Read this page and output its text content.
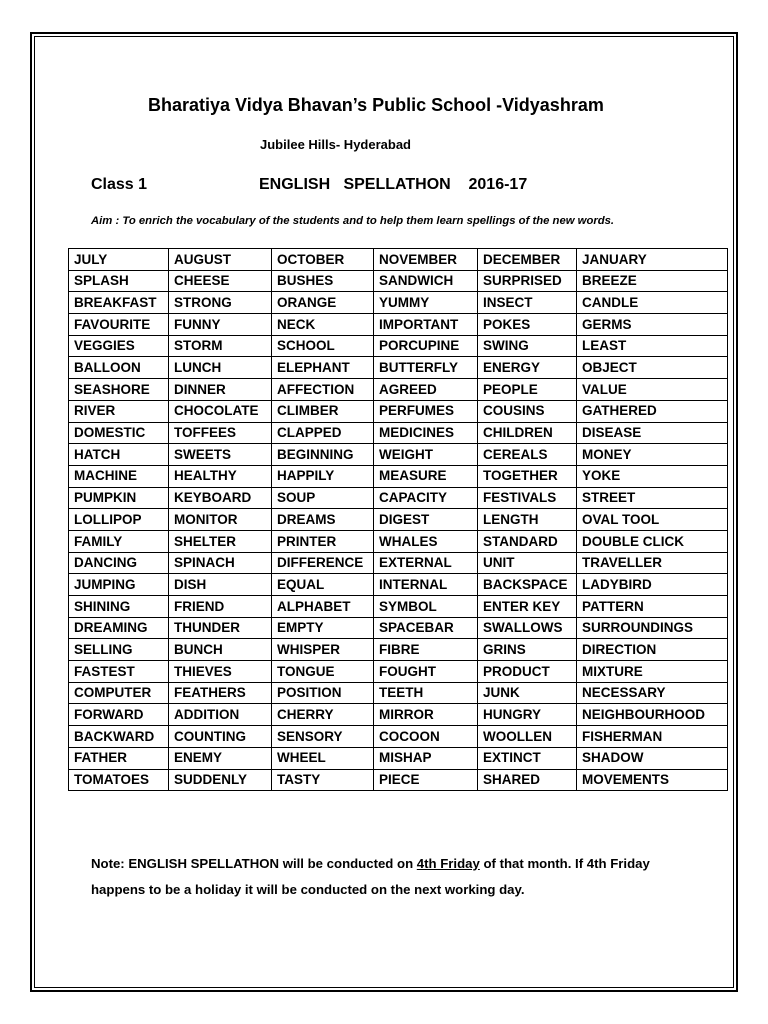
Bharatiya Vidya Bhavan’s Public School -Vidyashram
Jubilee Hills- Hyderabad
Class 1	ENGLISH   SPELLATHON    2016-17
Aim : To enrich the vocabulary of the students and to help them learn spellings of the new words.
JULY	AUGUST	OCTOBER	NOVEMBER	DECEMBER	JANUARY
SPLASH	CHEESE	BUSHES	SANDWICH	SURPRISED	BREEZE
BREAKFAST	STRONG	ORANGE	YUMMY	INSECT	CANDLE
FAVOURITE	FUNNY	NECK	IMPORTANT	POKES	GERMS
VEGGIES	STORM	SCHOOL	PORCUPINE	SWING	LEAST
BALLOON	LUNCH	ELEPHANT	BUTTERFLY	ENERGY	OBJECT
SEASHORE	DINNER	AFFECTION	AGREED	PEOPLE	VALUE
RIVER	CHOCOLATE	CLIMBER	PERFUMES	COUSINS	GATHERED
DOMESTIC	TOFFEES	CLAPPED	MEDICINES	CHILDREN	DISEASE
HATCH	SWEETS	BEGINNING	WEIGHT	CEREALS	MONEY
MACHINE	HEALTHY	HAPPILY	MEASURE	TOGETHER	YOKE
PUMPKIN	KEYBOARD	SOUP	CAPACITY	FESTIVALS	STREET
LOLLIPOP	MONITOR	DREAMS	DIGEST	LENGTH	OVAL TOOL
FAMILY	SHELTER	PRINTER	WHALES	STANDARD	DOUBLE CLICK
DANCING	SPINACH	DIFFERENCE	EXTERNAL	UNIT	TRAVELLER
JUMPING	DISH	EQUAL	INTERNAL	BACKSPACE	LADYBIRD
SHINING	FRIEND	ALPHABET	SYMBOL	ENTER KEY	PATTERN
DREAMING	THUNDER	EMPTY	SPACEBAR	SWALLOWS	SURROUNDINGS
SELLING	BUNCH	WHISPER	FIBRE	GRINS	DIRECTION
FASTEST	THIEVES	TONGUE	FOUGHT	PRODUCT	MIXTURE
COMPUTER	FEATHERS	POSITION	TEETH	JUNK	NECESSARY
FORWARD	ADDITION	CHERRY	MIRROR	HUNGRY	NEIGHBOURHOOD
BACKWARD	COUNTING	SENSORY	COCOON	WOOLLEN	FISHERMAN
FATHER	ENEMY	WHEEL	MISHAP	EXTINCT	SHADOW
TOMATOES	SUDDENLY	TASTY	PIECE	SHARED	MOVEMENTS
Note: ENGLISH SPELLATHON will be conducted on 4th Friday of that month. If 4th Friday happens to be a holiday it will be conducted on the next working day.
